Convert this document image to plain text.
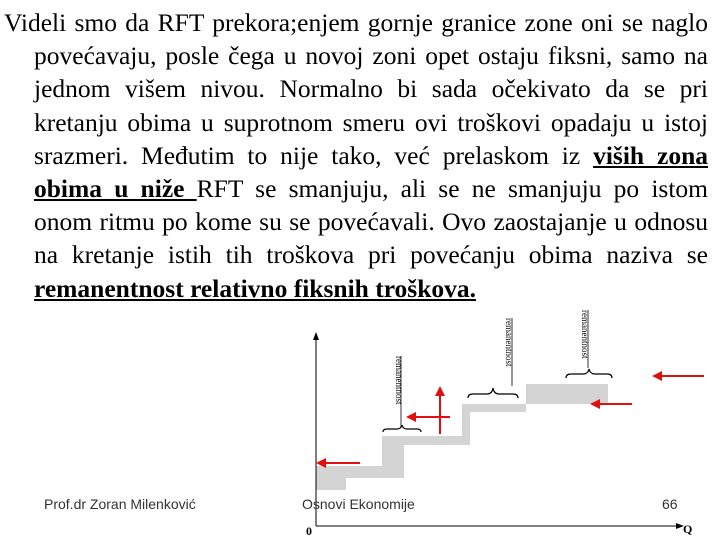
remanentnost
remanentnost	remanentnost
0	Q

Videli smo da RFT prekora;enjem gornje granice zone oni se naglo povećavaju, posle čega u novoj zoni opet ostaju fiksni, samo na jednom višem nivou. Normalno bi sada očekivato da se pri kretanju obima u suprotnom smeru ovi troškovi opadaju u istoj srazmeri. Međutim to nije tako, već prelaskom iz viših zona obima u niže RFT se smanjuju, ali se ne smanjuju po istom onom ritmu po kome su se povećavali. Ovo zaostajanje u odnosu na kretanje istih tih troškova pri povećanju obima naziva se remanentnost relativno fiksnih troškova.

Prof.dr Zoran Milenković	Osnovi Ekonomije	66
